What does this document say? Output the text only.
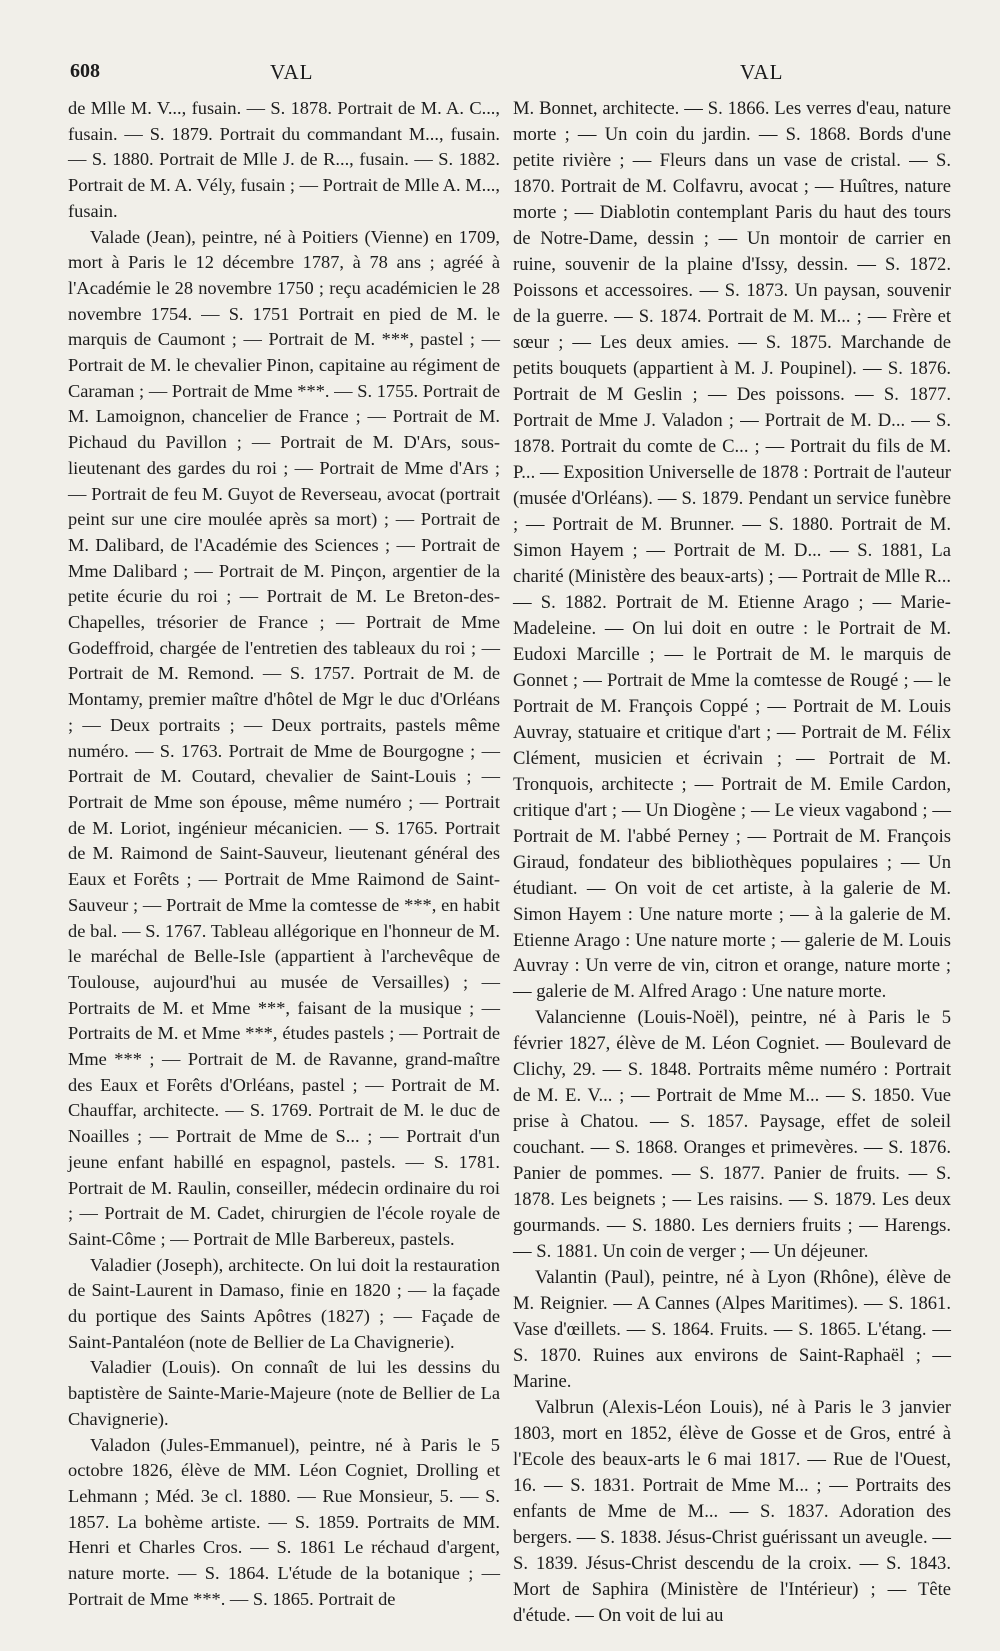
608	VAL	VAL

de Mlle M. V..., fusain. — S. 1878. Portrait de M. A. C..., fusain. — S. 1879. Portrait du commandant M..., fusain. — S. 1880. Portrait de Mlle J. de R..., fusain. — S. 1882. Portrait de M. A. Vély, fusain ; — Portrait de Mlle A. M..., fusain.

Valade (Jean), peintre, né à Poitiers (Vienne) en 1709, mort à Paris le 12 décembre 1787, à 78 ans ; agréé à l'Académie le 28 novembre 1750 ; reçu académicien le 28 novembre 1754. — S. 1751 Portrait en pied de M. le marquis de Caumont ; — Portrait de M. ***, pastel ; — Portrait de M. le chevalier Pinon, capitaine au régiment de Caraman ; — Portrait de Mme ***. — S. 1755. Portrait de M. Lamoignon, chancelier de France ; — Portrait de M. Pichaud du Pavillon ; — Portrait de M. D'Ars, sous-lieutenant des gardes du roi ; — Portrait de Mme d'Ars ; — Portrait de feu M. Guyot de Reverseau, avocat (portrait peint sur une cire moulée après sa mort) ; — Portrait de M. Dalibard, de l'Académie des Sciences ; — Portrait de Mme Dalibard ; — Portrait de M. Pinçon, argentier de la petite écurie du roi ; — Portrait de M. Le Breton-des-Chapelles, trésorier de France ; — Portrait de Mme Godeffroid, chargée de l'entretien des tableaux du roi ; — Portrait de M. Remond. — S. 1757. Portrait de M. de Montamy, premier maître d'hôtel de Mgr le duc d'Orléans ; — Deux portraits ; — Deux portraits, pastels même numéro. — S. 1763. Portrait de Mme de Bourgogne ; — Portrait de M. Coutard, chevalier de Saint-Louis ; — Portrait de Mme son épouse, même numéro ; — Portrait de M. Loriot, ingénieur mécanicien. — S. 1765. Portrait de M. Raimond de Saint-Sauveur, lieutenant général des Eaux et Forêts ; — Portrait de Mme Raimond de Saint-Sauveur ; — Portrait de Mme la comtesse de ***, en habit de bal. — S. 1767. Tableau allégorique en l'honneur de M. le maréchal de Belle-Isle (appartient à l'archevêque de Toulouse, aujourd'hui au musée de Versailles) ; — Portraits de M. et Mme ***, faisant de la musique ; — Portraits de M. et Mme ***, études pastels ; — Portrait de Mme *** ; — Portrait de M. de Ravanne, grand-maître des Eaux et Forêts d'Orléans, pastel ; — Portrait de M. Chauffar, architecte. — S. 1769. Portrait de M. le duc de Noailles ; — Portrait de Mme de S... ; — Portrait d'un jeune enfant habillé en espagnol, pastels. — S. 1781. Portrait de M. Raulin, conseiller, médecin ordinaire du roi ; — Portrait de M. Cadet, chirurgien de l'école royale de Saint-Côme ; — Portrait de Mlle Barbereux, pastels.

Valadier (Joseph), architecte. On lui doit la restauration de Saint-Laurent in Damaso, finie en 1820 ; — la façade du portique des Saints Apôtres (1827) ; — Façade de Saint-Pantaléon (note de Bellier de La Chavignerie).

Valadier (Louis). On connaît de lui les dessins du baptistère de Sainte-Marie-Majeure (note de Bellier de La Chavignerie).

Valadon (Jules-Emmanuel), peintre, né à Paris le 5 octobre 1826, élève de MM. Léon Cogniet, Drolling et Lehmann ; Méd. 3e cl. 1880. — Rue Monsieur, 5. — S. 1857. La bohème artiste. — S. 1859. Portraits de MM. Henri et Charles Cros. — S. 1861 Le réchaud d'argent, nature morte. — S. 1864. L'étude de la botanique ; — Portrait de Mme ***. — S. 1865. Portrait de

M. Bonnet, architecte. — S. 1866. Les verres d'eau, nature morte ; — Un coin du jardin. — S. 1868. Bords d'une petite rivière ; — Fleurs dans un vase de cristal. — S. 1870. Portrait de M. Colfavru, avocat ; — Huîtres, nature morte ; — Diablotin contemplant Paris du haut des tours de Notre-Dame, dessin ; — Un montoir de carrier en ruine, souvenir de la plaine d'Issy, dessin. — S. 1872. Poissons et accessoires. — S. 1873. Un paysan, souvenir de la guerre. — S. 1874. Portrait de M. M... ; — Frère et sœur ; — Les deux amies. — S. 1875. Marchande de petits bouquets (appartient à M. J. Poupinel). — S. 1876. Portrait de M Geslin ; — Des poissons. — S. 1877. Portrait de Mme J. Valadon ; — Portrait de M. D... — S. 1878. Portrait du comte de C... ; — Portrait du fils de M. P... — Exposition Universelle de 1878 : Portrait de l'auteur (musée d'Orléans). — S. 1879. Pendant un service funèbre ; — Portrait de M. Brunner. — S. 1880. Portrait de M. Simon Hayem ; — Portrait de M. D... — S. 1881, La charité (Ministère des beaux-arts) ; — Portrait de Mlle R... — S. 1882. Portrait de M. Etienne Arago ; — Marie-Madeleine. — On lui doit en outre : le Portrait de M. Eudoxi Marcille ; — le Portrait de M. le marquis de Gonnet ; — Portrait de Mme la comtesse de Rougé ; — le Portrait de M. François Coppé ; — Portrait de M. Louis Auvray, statuaire et critique d'art ; — Portrait de M. Félix Clément, musicien et écrivain ; — Portrait de M. Tronquois, architecte ; — Portrait de M. Emile Cardon, critique d'art ; — Un Diogène ; — Le vieux vagabond ; — Portrait de M. l'abbé Perney ; — Portrait de M. François Giraud, fondateur des bibliothèques populaires ; — Un étudiant. — On voit de cet artiste, à la galerie de M. Simon Hayem : Une nature morte ; — à la galerie de M. Etienne Arago : Une nature morte ; — galerie de M. Louis Auvray : Un verre de vin, citron et orange, nature morte ; — galerie de M. Alfred Arago : Une nature morte.

Valancienne (Louis-Noël), peintre, né à Paris le 5 février 1827, élève de M. Léon Cogniet. — Boulevard de Clichy, 29. — S. 1848. Portraits même numéro : Portrait de M. E. V... ; — Portrait de Mme M... — S. 1850. Vue prise à Chatou. — S. 1857. Paysage, effet de soleil couchant. — S. 1868. Oranges et primevères. — S. 1876. Panier de pommes. — S. 1877. Panier de fruits. — S. 1878. Les beignets ; — Les raisins. — S. 1879. Les deux gourmands. — S. 1880. Les derniers fruits ; — Harengs. — S. 1881. Un coin de verger ; — Un déjeuner.

Valantin (Paul), peintre, né à Lyon (Rhône), élève de M. Reignier. — A Cannes (Alpes Maritimes). — S. 1861. Vase d'œillets. — S. 1864. Fruits. — S. 1865. L'étang. — S. 1870. Ruines aux environs de Saint-Raphaël ; — Marine.

Valbrun (Alexis-Léon Louis), né à Paris le 3 janvier 1803, mort en 1852, élève de Gosse et de Gros, entré à l'Ecole des beaux-arts le 6 mai 1817. — Rue de l'Ouest, 16. — S. 1831. Portrait de Mme M... ; — Portraits des enfants de Mme de M... — S. 1837. Adoration des bergers. — S. 1838. Jésus-Christ guérissant un aveugle. — S. 1839. Jésus-Christ descendu de la croix. — S. 1843. Mort de Saphira (Ministère de l'Intérieur) ; — Tête d'étude. — On voit de lui au
